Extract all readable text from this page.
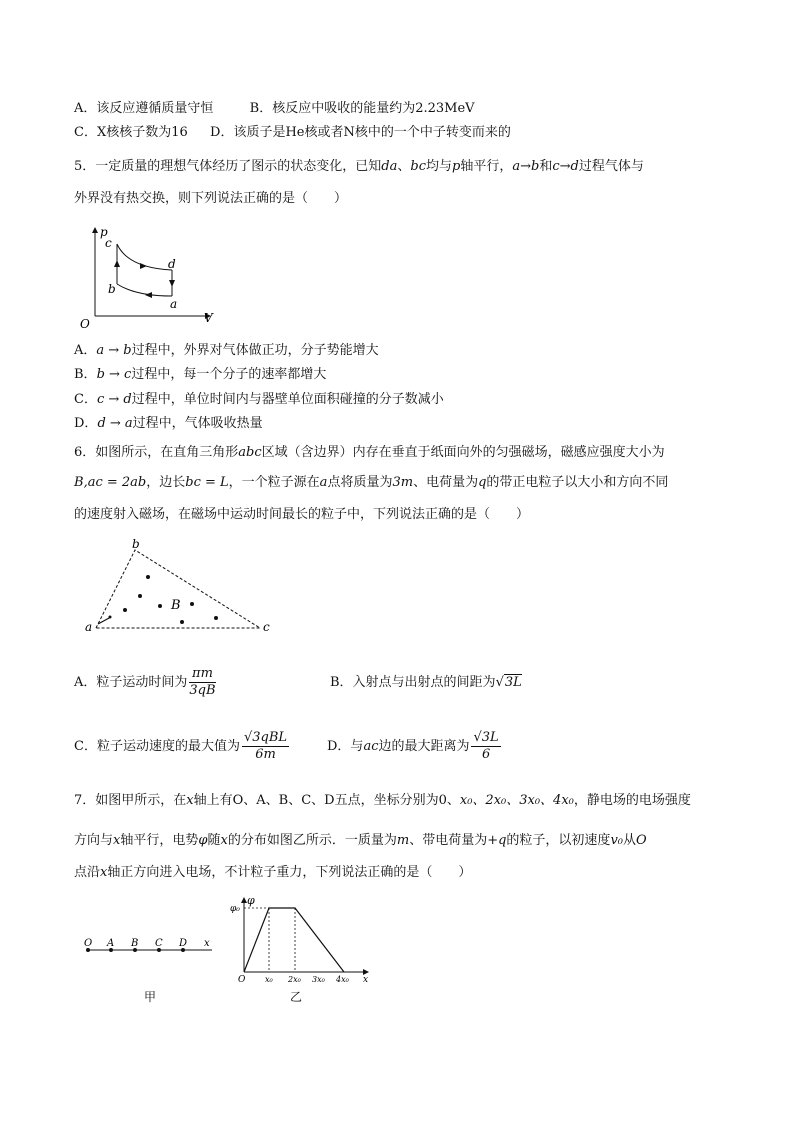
A．该反应遵循质量守恒	B．核反应中吸收的能量约为2.23MeV
C．X核核子数为16 D．该质子是He核或者N核中的一个中子转变而来的
5．一定质量的理想气体经历了图示的状态变化，已知da、bc均与p轴平行，a→b和c→d过程气体与
外界没有热交换，则下列说法正确的是（　　）
p
V
O
c
d
b
a
A．a → b过程中，外界对气体做正功，分子势能增大
B．b → c过程中，每一个分子的速率都增大
C．c → d过程中，单位时间内与器壁单位面积碰撞的分子数减小
D．d → a过程中，气体吸收热量
6．如图所示，在直角三角形abc区域（含边界）内存在垂直于纸面向外的匀强磁场，磁感应强度大小为
B,ac = 2ab，边长bc = L，一个粒子源在a点将质量为3m、电荷量为q的带正电粒子以大小和方向不同
的速度射入磁场，在磁场中运动时间最长的粒子中，下列说法正确的是（　　）
b
a	c
B
A．粒子运动时间为 $\frac{\pi m}{3qB}$	B．入射点与出射点的间距为√3L
C．粒子运动速度的最大值为 $\frac{\text{√3qBL}}{6m}$	D．与ac边的最大距离为 $\frac{√3L}{6}$
7．如图甲所示，在x轴上有O、A、B、C、D五点，坐标分别为0、x₀、2x₀、3x₀、4x₀，静电场的电场强度
方向与x轴平行，电势φ随x的分布如图乙所示．一质量为m、带电荷量为+q的粒子，以初速度v₀从O
点沿x轴正方向进入电场，不计粒子重力，下列说法正确的是（　　）
O A B C D x
甲
φ₀
φ
O x₀ 2x₀ 3x₀ 4x₀ x
乙
